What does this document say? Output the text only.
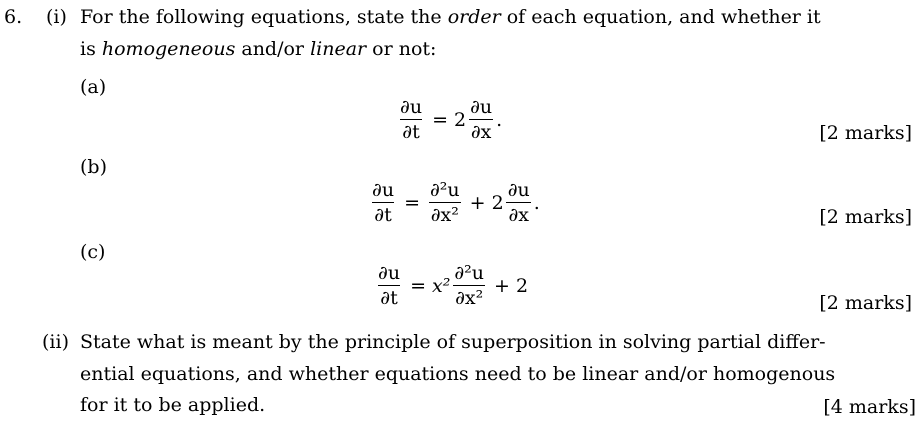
6. (i) For the following equations, state the order of each equation, and whether it
is homogeneous and/or linear or not:
(a)
$\frac{\partial u}{\partial t} = 2 \frac{\partial u}{\partial x}$ .
[2 marks]
(b)
$\frac{\partial u}{\partial t} = \frac{\text{∂²u}}{\text{∂x²}} + 2 \frac{\partial u}{\partial x}$ .
[2 marks]
(c)
$\frac{\partial u}{\partial t} = x^2 \frac{\text{∂²u}}{\text{∂x²}} + 2$
[2 marks]
(ii) State what is meant by the principle of superposition in solving partial differ-
ential equations, and whether equations need to be linear and/or homogenous
for it to be applied.	[4 marks]
